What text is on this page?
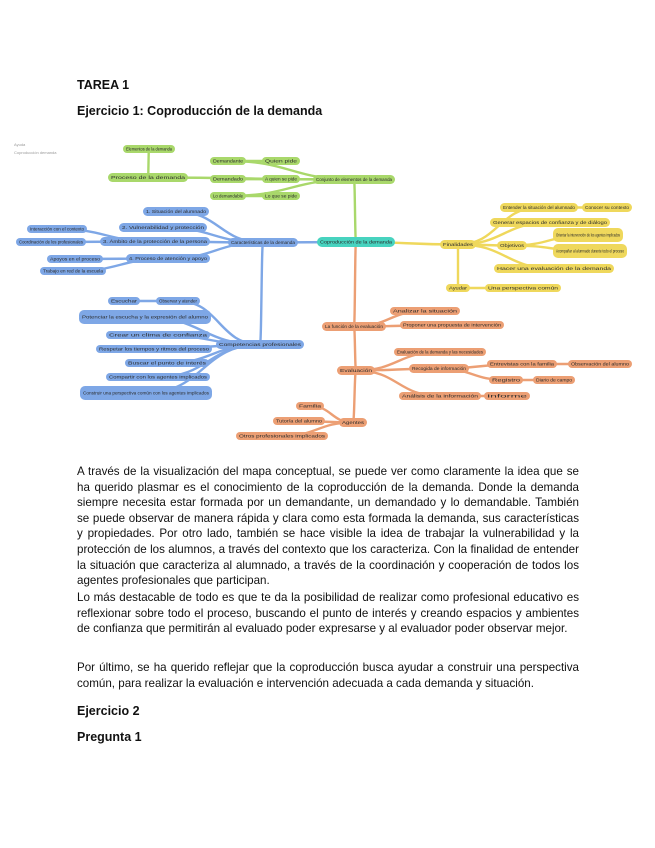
TAREA 1
Ejercicio 1: Coproducción de la demanda
Ayuda
Coproducción demanda
Coproducción de la demanda
Proceso de la demanda	Conjunto de elementos de la demanda
Demandante	Quien pide
Demandado	A quien se pide
Lo demandable	Lo que se pide
Elementos de la demanda
Características de la demanda
1. Situación del alumnado
2. Vulnerabilidad y protección
3. Ámbito de la protección de la persona
Interacción con el contexto
Coordinación de los profesionales
4. Proceso de atención y apoyo
Apoyos en el proceso
Trabajo en red de la escuela
Competencias profesionales
Escuchar	Observar y atender
Potenciar la escucha y la expresión del alumno
Crear un clima de confianza
Respetar los tiempos y ritmos del proceso
Buscar el punto de interés
Compartir con los agentes implicados
Construir una perspectiva común con los agentes implicados
Finalidades
Entender la situación del alumnado Conocer su contexto
Generar espacios de confianza y de diálogo
Objetivos
Orientar la intervención de los agentes implicados
Acompañar al alumnado durante todo el proceso
Hacer una evaluación de la demanda
Ayudar	Una perspectiva común
La función de la evaluación
Analizar la situación
Proponer una propuesta de intervención
Evaluación
Evaluación de la demanda y las necesidades
Recogida de información
Entrevistas con la familia	Observación del alumno
Registro	Diario de campo
Análisis de la información Informe
Agentes
Familia
Tutor/a del alumno
Otros profesionales implicados

A través de la visualización del mapa conceptual, se puede ver como claramente la idea que se ha querido plasmar es el conocimiento de la coproducción de la demanda. Donde la demanda siempre necesita estar formada por un demandante, un demandado y lo demandable. También se puede observar de manera rápida y clara como esta formada la demanda, sus características y propiedades. Por otro lado, también se hace visible la idea de trabajar la vulnerabilidad y la protección de los alumnos, a través del contexto que los caracteriza. Con la finalidad de entender la situación que caracteriza al alumnado, a través de la coordinación y cooperación de todos los agentes profesionales que participan.

Lo más destacable de todo es que te da la posibilidad de realizar como profesional educativo es reflexionar sobre todo el proceso, buscando el punto de interés y creando espacios y ambientes de confianza que permitirán al evaluado poder expresarse y al evaluador poder observar mejor.

Por último, se ha querido reflejar que la coproducción busca ayudar a construir una perspectiva común, para realizar la evaluación e intervención adecuada a cada demanda y situación.

Ejercicio 2
Pregunta 1
